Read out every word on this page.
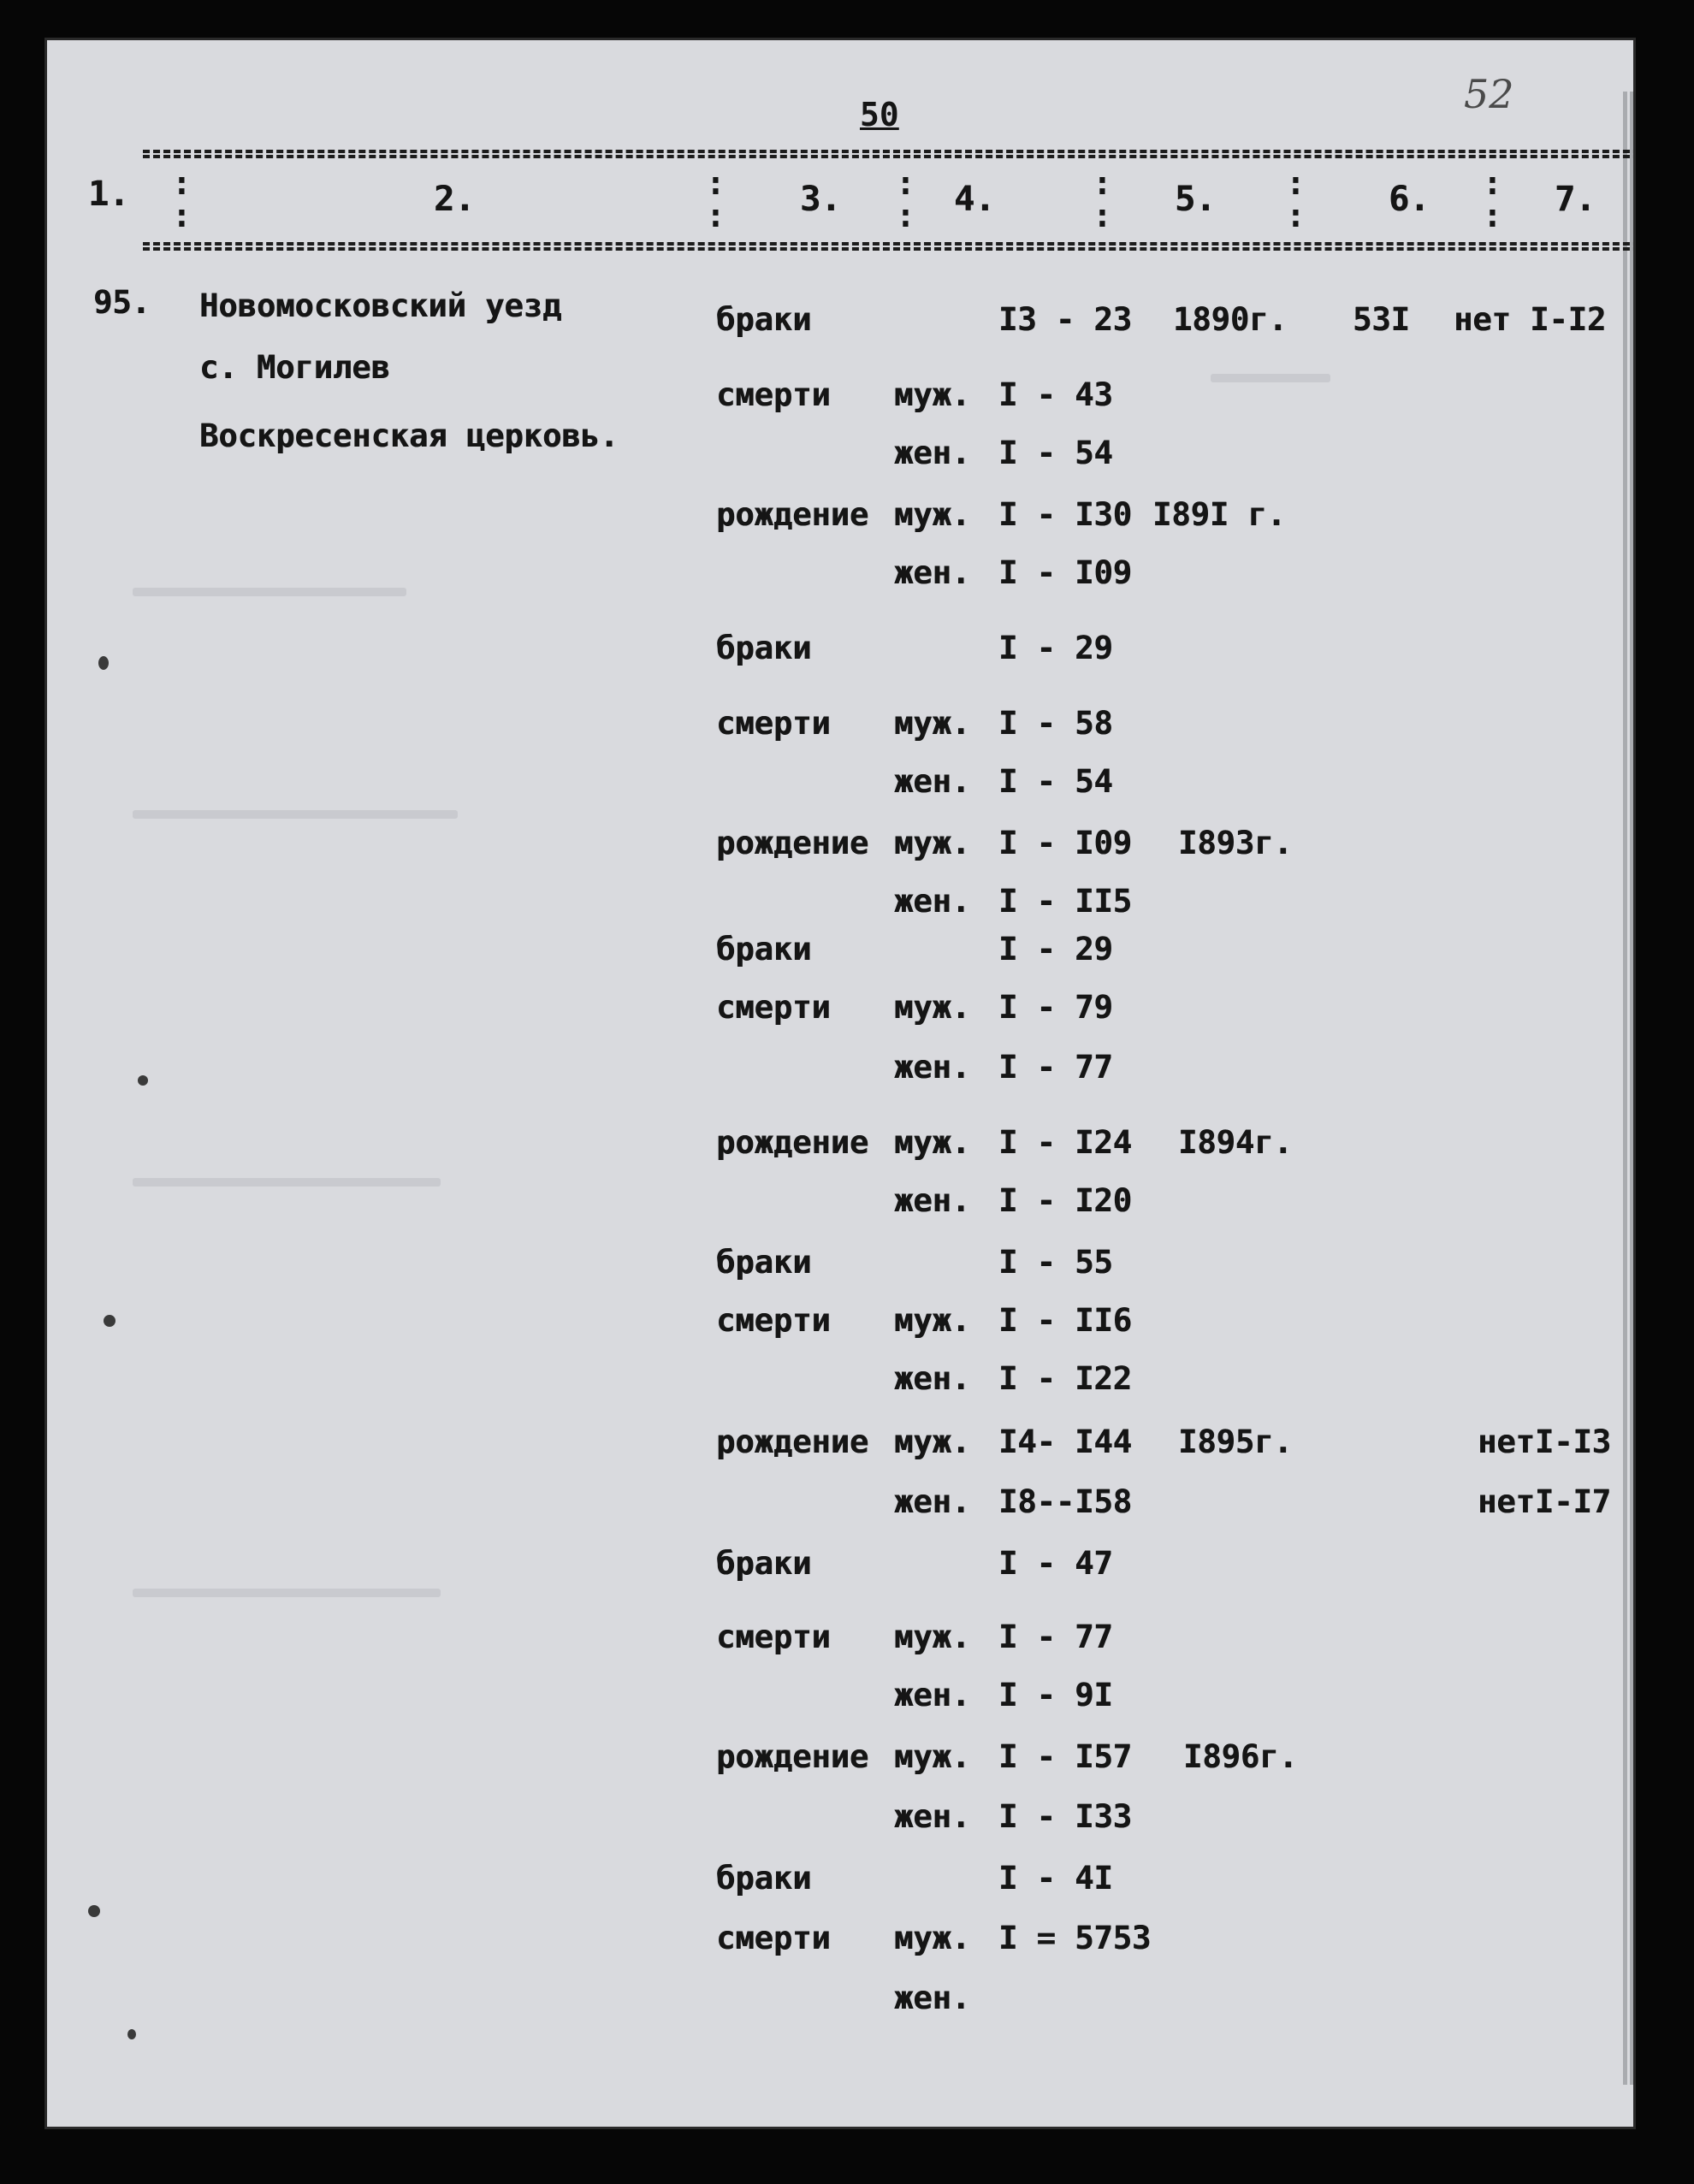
50	52
1.	2.	3.	4.	5.	6.	7.
:
:
:
:
:
:
:
:
:
:
:
:
95. Новомосковский уезд
с. Могилев
Воскресенская церковь.
браки	I3 - 23 1890г. 53I нет I-I2
смерти муж. I - 43
жен. I - 54
рождение муж. I - I30 I89I г.
жен. I - I09
браки	I - 29
смерти муж. I - 58
жен. I - 54
рождение муж. I - I09 I893г.
жен. I - II5
браки	I - 29
смерти муж. I - 79
жен. I - 77
рождение муж. I - I24 I894г.
жен. I - I20
браки	I - 55
смерти муж. I - II6
жен. I - I22
рождение муж. I4- I44 I895г.	нетI-I3
жен. I8--I58	нетI-I7
браки	I - 47
смерти муж. I - 77
жен. I - 9I
рождение муж. I - I57 I896г.
жен. I - I33
браки	I - 4I
смерти муж. I = 5753
жен.
